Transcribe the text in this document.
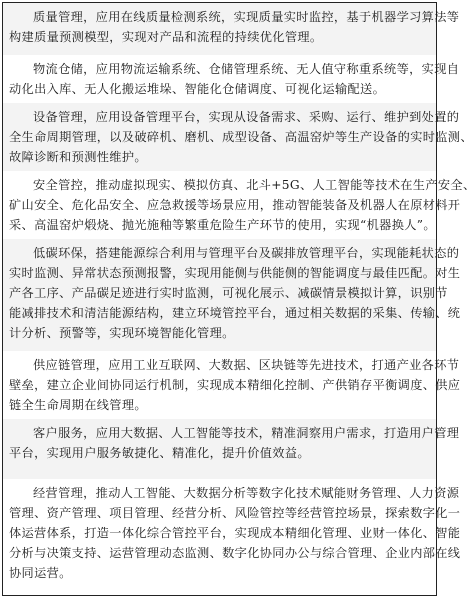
质量管理，应用在线质量检测系统，实现质量实时监控，基于机器学习算法等
构建质量预测模型，实现对产品和流程的持续优化管理。
物流仓储，应用物流运输系统、仓储管理系统、无人值守称重系统等，实现自
动化出入库、无人化搬运堆垛、智能化仓储调度、可视化运输配送。
设备管理，应用设备管理平台，实现从设备需求、采购、运行、维护到处置的
全生命周期管理，以及破碎机、磨机、成型设备、高温窑炉等生产设备的实时监测、
故障诊断和预测性维护。
安全管控，推动虚拟现实、模拟仿真、北斗+5G、人工智能等技术在生产安全、
矿山安全、危化品安全、应急救援等场景应用，推动智能装备及机器人在原材料开
采、高温窑炉煅烧、抛光施釉等繁重危险生产环节的使用，实现“机器换人”。
低碳环保，搭建能源综合利用与管理平台及碳排放管理平台，实现能耗状态的
实时监测、异常状态预测报警，实现用能侧与供能侧的智能调度与最佳匹配。对生
产各工序、产品碳足迹进行实时监测，可视化展示、减碳情景模拟计算，识别节
能减排技术和清洁能源结构，建立环境管控平台，通过相关数据的采集、传输、统
计分析、预警等，实现环境智能化管理。
供应链管理，应用工业互联网、大数据、区块链等先进技术，打通产业各环节
壁垒，建立企业间协同运行机制，实现成本精细化控制、产供销存平衡调度、供应
链全生命周期在线管理。
客户服务，应用大数据、人工智能等技术，精准洞察用户需求，打造用户管理
平台，实现用户服务敏捷化、精准化，提升价值效益。
经营管理，推动人工智能、大数据分析等数字化技术赋能财务管理、人力资源
管理、资产管理、项目管理、经营分析、风险管控等经营管控场景，探索数字化一
体运营体系，打造一体化综合管控平台，实现成本精细化管理、业财一体化、智能
分析与决策支持、运营管理动态监测、数字化协同办公与综合管理、企业内部在线
协同运营。
